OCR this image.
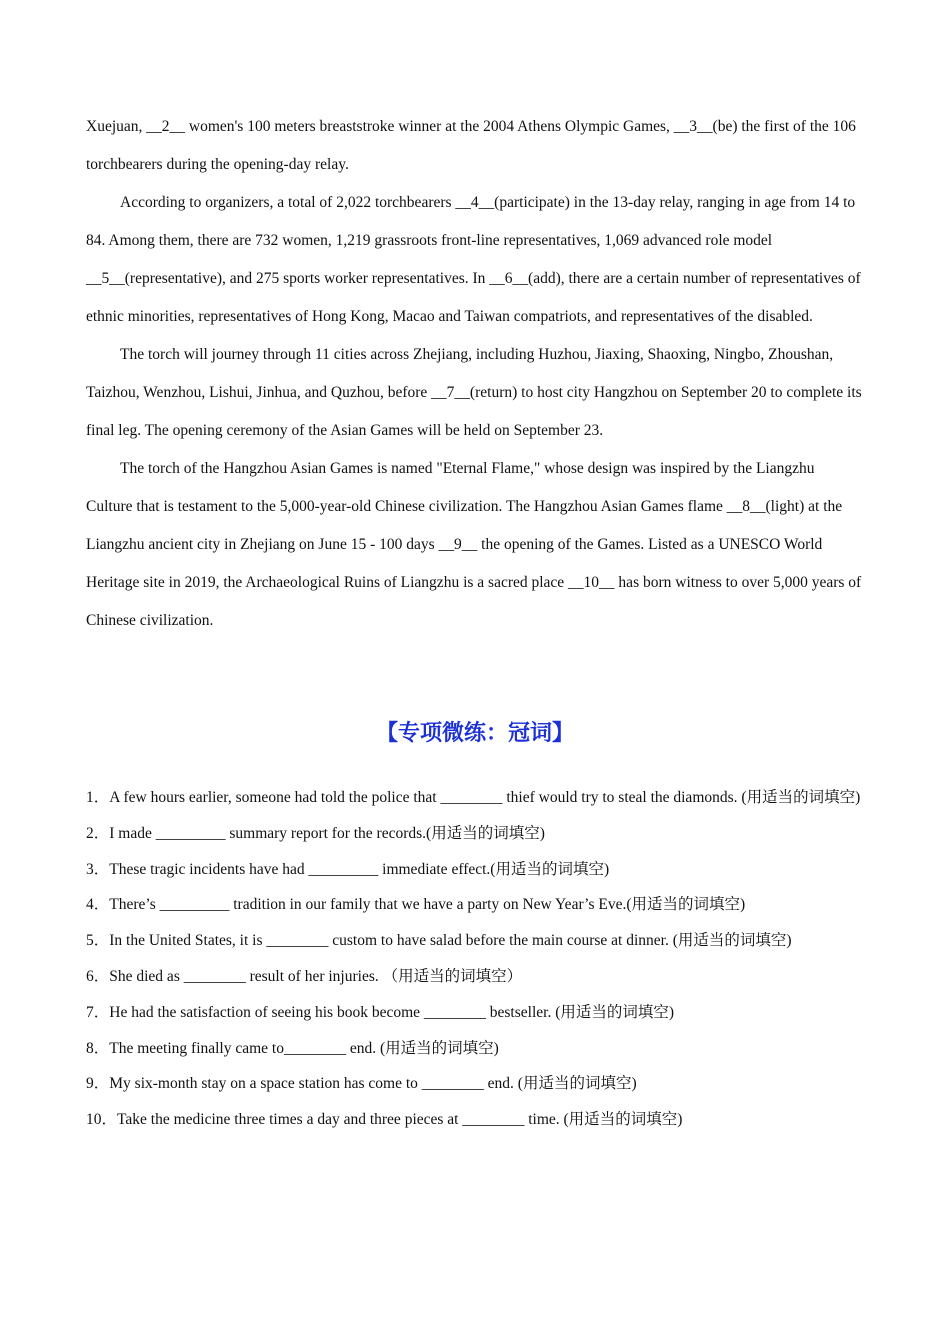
Xuejuan, __2__ women's 100 meters breaststroke winner at the 2004 Athens Olympic Games, __3__(be) the first of the 106 torchbearers during the opening-day relay.

According to organizers, a total of 2,022 torchbearers __4__(participate) in the 13-day relay, ranging in age from 14 to 84. Among them, there are 732 women, 1,219 grassroots front-line representatives, 1,069 advanced role model __5__(representative), and 275 sports worker representatives. In __6__(add), there are a certain number of representatives of ethnic minorities, representatives of Hong Kong, Macao and Taiwan compatriots, and representatives of the disabled.

The torch will journey through 11 cities across Zhejiang, including Huzhou, Jiaxing, Shaoxing, Ningbo, Zhoushan, Taizhou, Wenzhou, Lishui, Jinhua, and Quzhou, before __7__(return) to host city Hangzhou on September 20 to complete its final leg. The opening ceremony of the Asian Games will be held on September 23.

The torch of the Hangzhou Asian Games is named "Eternal Flame," whose design was inspired by the Liangzhu Culture that is testament to the 5,000-year-old Chinese civilization. The Hangzhou Asian Games flame __8__(light) at the Liangzhu ancient city in Zhejiang on June 15 - 100 days __9__ the opening of the Games. Listed as a UNESCO World Heritage site in 2019, the Archaeological Ruins of Liangzhu is a sacred place __10__ has born witness to over 5,000 years of Chinese civilization.

【专项微练：冠词】

1．A few hours earlier, someone had told the police that ________ thief would try to steal the diamonds. (用适当的词填空)

2．I made _________ summary report for the records.(用适当的词填空)

3．These tragic incidents have had _________ immediate effect.(用适当的词填空)

4．There’s _________ tradition in our family that we have a party on New Year’s Eve.(用适当的词填空)

5．In the United States, it is ________ custom to have salad before the main course at dinner. (用适当的词填空)

6．She died as ________ result of her injuries. （用适当的词填空）

7．He had the satisfaction of seeing his book become ________ bestseller. (用适当的词填空)

8．The meeting finally came to________ end. (用适当的词填空)

9．My six-month stay on a space station has come to ________ end. (用适当的词填空)

10．Take the medicine three times a day and three pieces at ________ time. (用适当的词填空)
